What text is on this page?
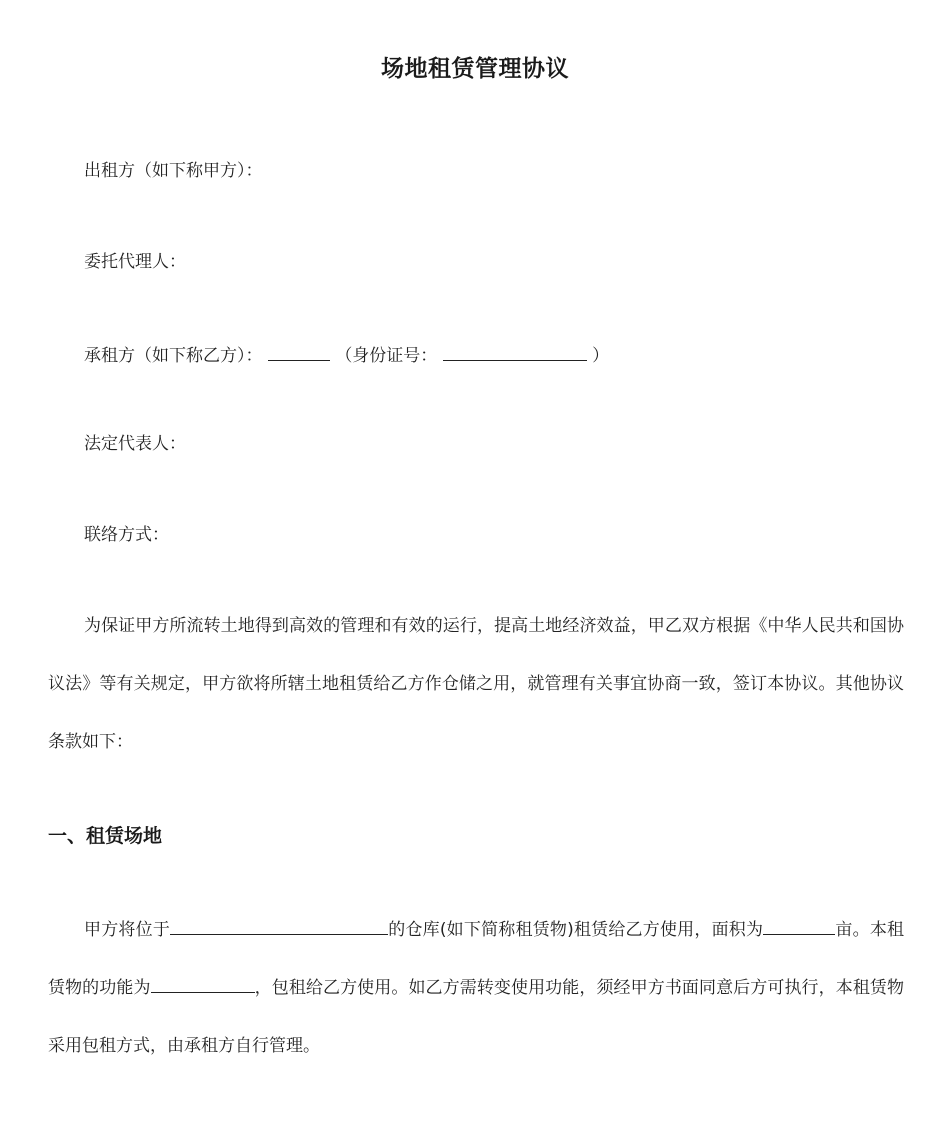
场地租赁管理协议
出租方（如下称甲方）：
委托代理人：
承租方（如下称乙方）：	（身份证号：	）
法定代表人：
联络方式：
为保证甲方所流转土地得到高效的管理和有效的运行，提高土地经济效益，甲乙双方根据《中华人民共和国协议法》等有关规定，甲方欲将所辖土地租赁给乙方作仓储之用，就管理有关事宜协商一致，签订本协议。其他协议条款如下：
一、租赁场地
甲方将位于	的仓库(如下简称租赁物)租赁给乙方使用，面积为	亩。本租赁物的功能为	，包租给乙方使用。如乙方需转变使用功能，须经甲方书面同意后方可执行，本租赁物采用包租方式，由承租方自行管理。
